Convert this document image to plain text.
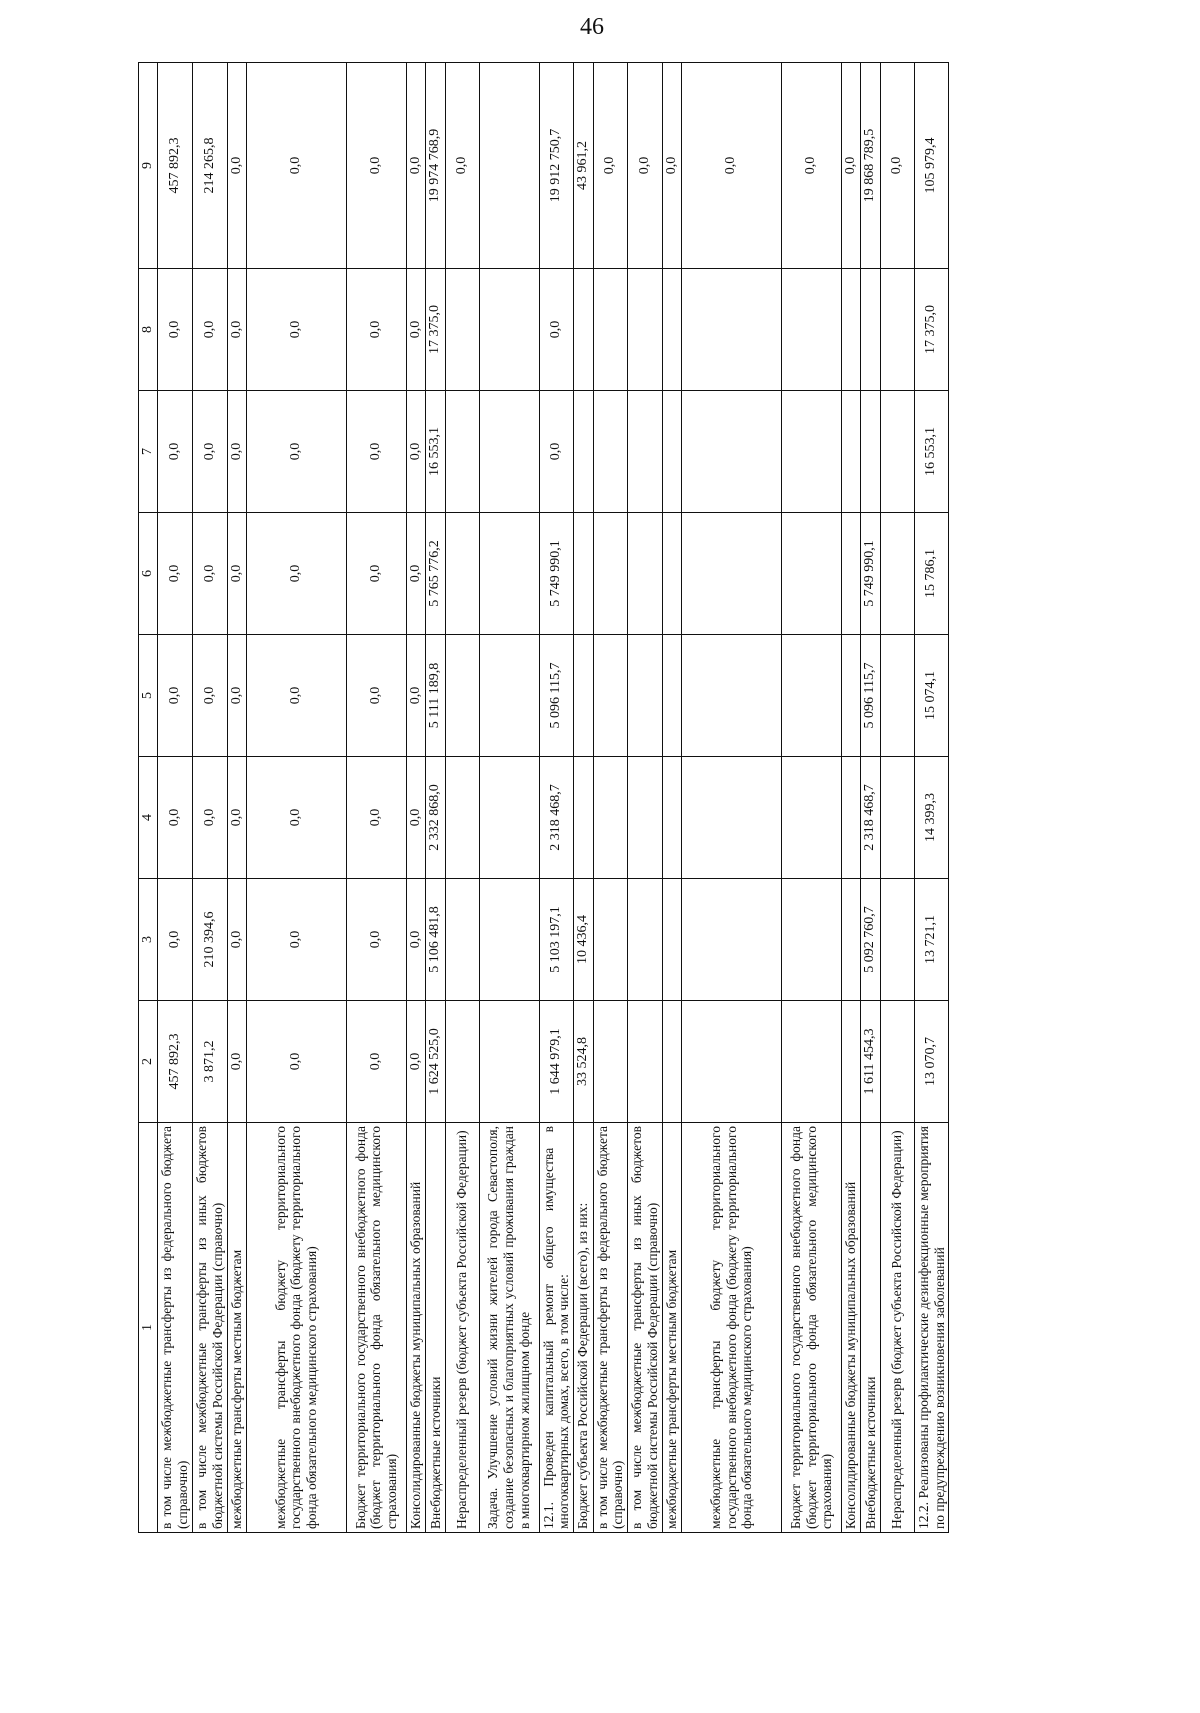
46
1	2	3	4	5	6	7	8	9
в том числе межбюджетные трансферты из федерального бюджета (справочно)	457 892,3	0,0	0,0	0,0	0,0	0,0	0,0	457 892,3
в том числе межбюджетные трансферты из иных бюджетов бюджетной системы Российской Федерации (справочно)	3 871,2	210 394,6	0,0	0,0	0,0	0,0	0,0	214 265,8
межбюджетные трансферты местным бюджетам	0,0	0,0	0,0	0,0	0,0	0,0	0,0	0,0
межбюджетные трансферты бюджету территориального государственного внебюджетного фонда (бюджету территориального фонда обязательного медицинского страхования)	0,0	0,0	0,0	0,0	0,0	0,0	0,0	0,0
Бюджет территориального государственного внебюджетного фонда (бюджет территориального фонда обязательного медицинского страхования)	0,0	0,0	0,0	0,0	0,0	0,0	0,0	0,0
Консолидированные бюджеты муниципальных образований	0,0	0,0	0,0	0,0	0,0	0,0	0,0	0,0
Внебюджетные источники	1 624 525,0	5 106 481,8	2 332 868,0	5 111 189,8	5 765 776,2	16 553,1	17 375,0	19 974 768,9
Нераспределенный резерв (бюджет субъекта Российской Федерации)								0,0
Задача. Улучшение условий жизни жителей города Севастополя, создание безопасных и благоприятных условий проживания граждан в многоквартирном жилищном фонде								
12.1. Проведен капитальный ремонт общего имущества в многоквартирных домах, всего, в том числе:	1 644 979,1	5 103 197,1	2 318 468,7	5 096 115,7	5 749 990,1	0,0	0,0	19 912 750,7
Бюджет субъекта Российской Федерации (всего), из них:	33 524,8	10 436,4						43 961,2
в том числе межбюджетные трансферты из федерального бюджета (справочно)								0,0
в том числе межбюджетные трансферты из иных бюджетов бюджетной системы Российской Федерации (справочно)								0,0
межбюджетные трансферты местным бюджетам								0,0
межбюджетные трансферты бюджету территориального государственного внебюджетного фонда (бюджету территориального фонда обязательного медицинского страхования)								0,0
Бюджет территориального государственного внебюджетного фонда (бюджет территориального фонда обязательного медицинского страхования)								0,0
Консолидированные бюджеты муниципальных образований								0,0
Внебюджетные источники	1 611 454,3	5 092 760,7	2 318 468,7	5 096 115,7	5 749 990,1			19 868 789,5
Нераспределенный резерв (бюджет субъекта Российской Федерации)								0,0
12.2. Реализованы профилактические дезинфекционные мероприятия по предупреждению возникновения заболеваний	13 070,7	13 721,1	14 399,3	15 074,1	15 786,1	16 553,1	17 375,0	105 979,4
